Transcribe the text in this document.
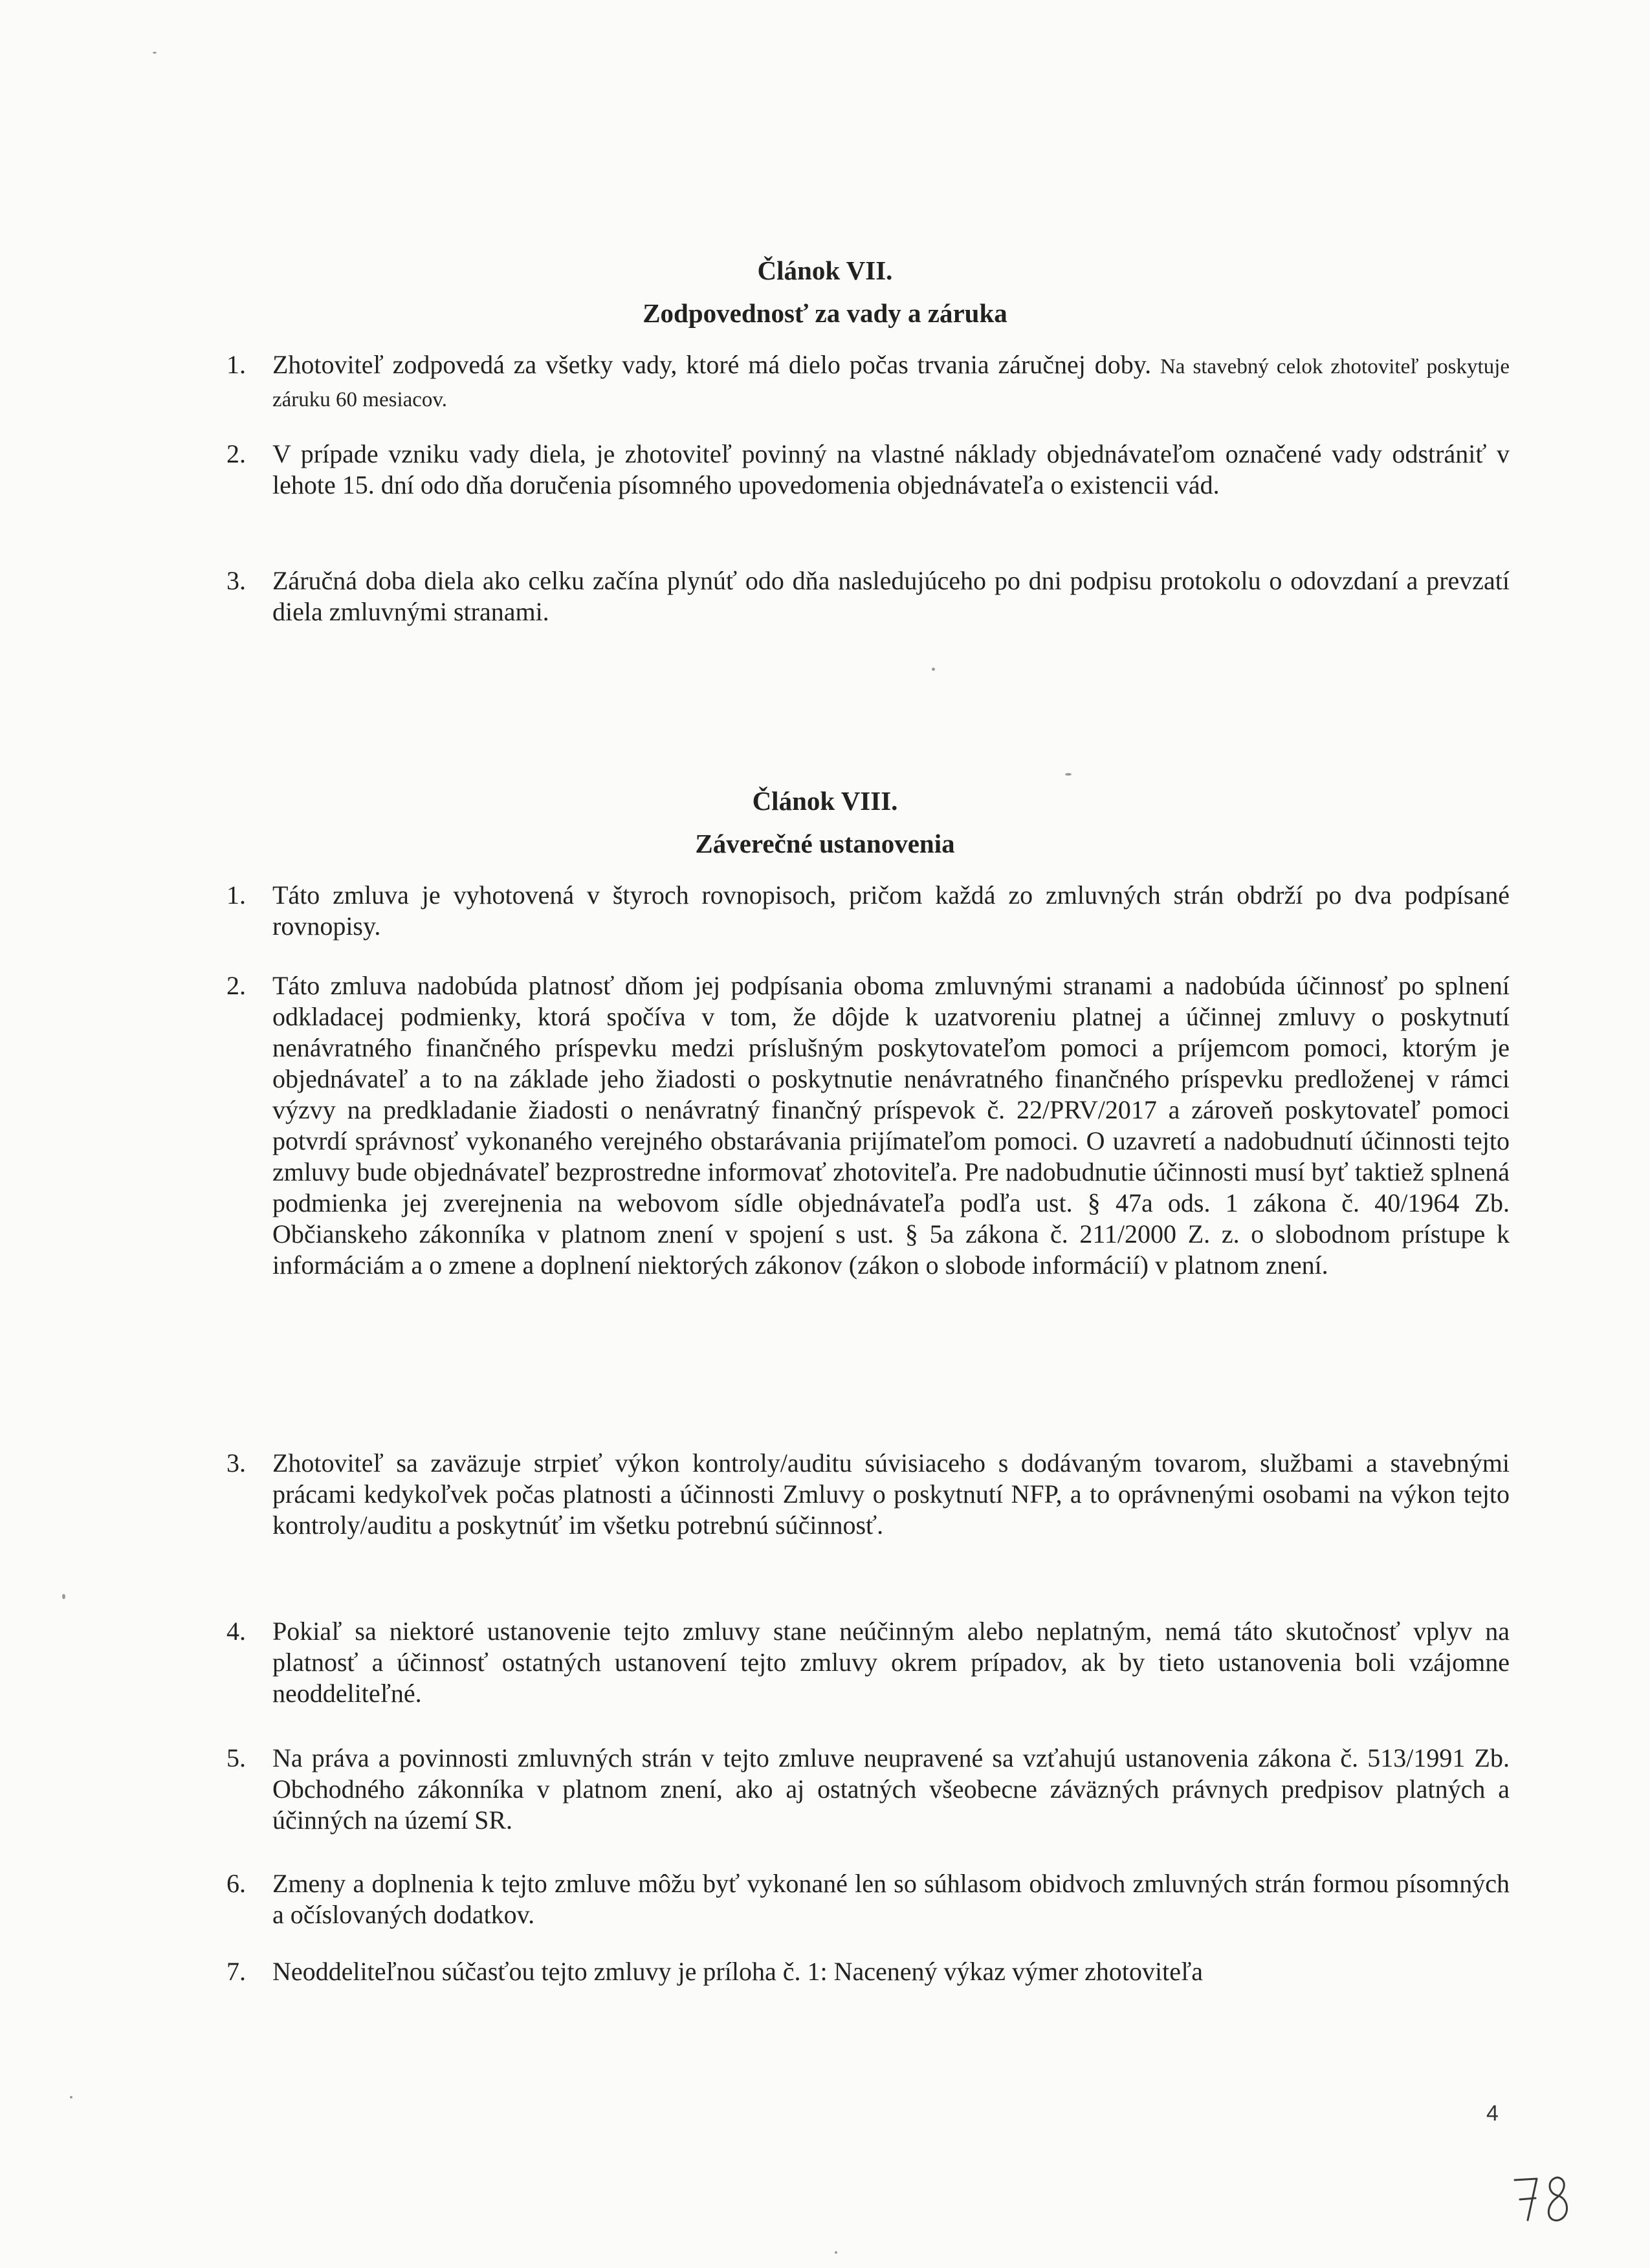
Článok VII.
Zodpovednosť za vady a záruka
1.	Zhotoviteľ zodpovedá za všetky vady, ktoré má dielo počas trvania záručnej doby. Na stavebný celok zhotoviteľ poskytuje záruku 60 mesiacov.
2.	V prípade vzniku vady diela, je zhotoviteľ povinný na vlastné náklady objednávateľom označené vady odstrániť v lehote 15. dní odo dňa doručenia písomného upovedomenia objednávateľa o existencii vád.
3.	Záručná doba diela ako celku začína plynúť odo dňa nasledujúceho po dni podpisu protokolu o odovzdaní a prevzatí diela zmluvnými stranami.
Článok VIII.
Záverečné ustanovenia
1.	Táto zmluva je vyhotovená v štyroch rovnopisoch, pričom každá zo zmluvných strán obdrží po dva podpísané rovnopisy.
2.	Táto zmluva nadobúda platnosť dňom jej podpísania oboma zmluvnými stranami a nadobúda účinnosť po splnení odkladacej podmienky, ktorá spočíva v tom, že dôjde k uzatvoreniu platnej a účinnej zmluvy o poskytnutí nenávratného finančného príspevku medzi príslušným poskytovateľom pomoci a príjemcom pomoci, ktorým je objednávateľ a to na základe jeho žiadosti o poskytnutie nenávratného finančného príspevku predloženej v rámci výzvy na predkladanie žiadosti o nenávratný finančný príspevok č. 22/PRV/2017 a zároveň poskytovateľ pomoci potvrdí správnosť vykonaného verejného obstarávania prijímateľom pomoci. O uzavretí a nadobudnutí účinnosti tejto zmluvy bude objednávateľ bezprostredne informovať zhotoviteľa. Pre nadobudnutie účinnosti musí byť taktiež splnená podmienka jej zverejnenia na webovom sídle objednávateľa podľa ust. § 47a ods. 1 zákona č. 40/1964 Zb. Občianskeho zákonníka v platnom znení v spojení s ust. § 5a zákona č. 211/2000 Z. z. o slobodnom prístupe k informáciám a o zmene a doplnení niektorých zákonov (zákon o slobode informácií) v platnom znení.
3.	Zhotoviteľ sa zaväzuje strpieť výkon kontroly/auditu súvisiaceho s dodávaným tovarom, službami a stavebnými prácami kedykoľvek počas platnosti a účinnosti Zmluvy o poskytnutí NFP, a to oprávnenými osobami na výkon tejto kontroly/auditu a poskytnúť im všetku potrebnú súčinnosť.
4.	Pokiaľ sa niektoré ustanovenie tejto zmluvy stane neúčinným alebo neplatným, nemá táto skutočnosť vplyv na platnosť a účinnosť ostatných ustanovení tejto zmluvy okrem prípadov, ak by tieto ustanovenia boli vzájomne neoddeliteľné.
5.	Na práva a povinnosti zmluvných strán v tejto zmluve neupravené sa vzťahujú ustanovenia zákona č. 513/1991 Zb. Obchodného zákonníka v platnom znení, ako aj ostatných všeobecne záväzných právnych predpisov platných a účinných na území SR.
6.	Zmeny a doplnenia k tejto zmluve môžu byť vykonané len so súhlasom obidvoch zmluvných strán formou písomných a očíslovaných dodatkov.
7.	Neoddeliteľnou súčasťou tejto zmluvy je príloha č. 1: Nacenený výkaz výmer zhotoviteľa
4
